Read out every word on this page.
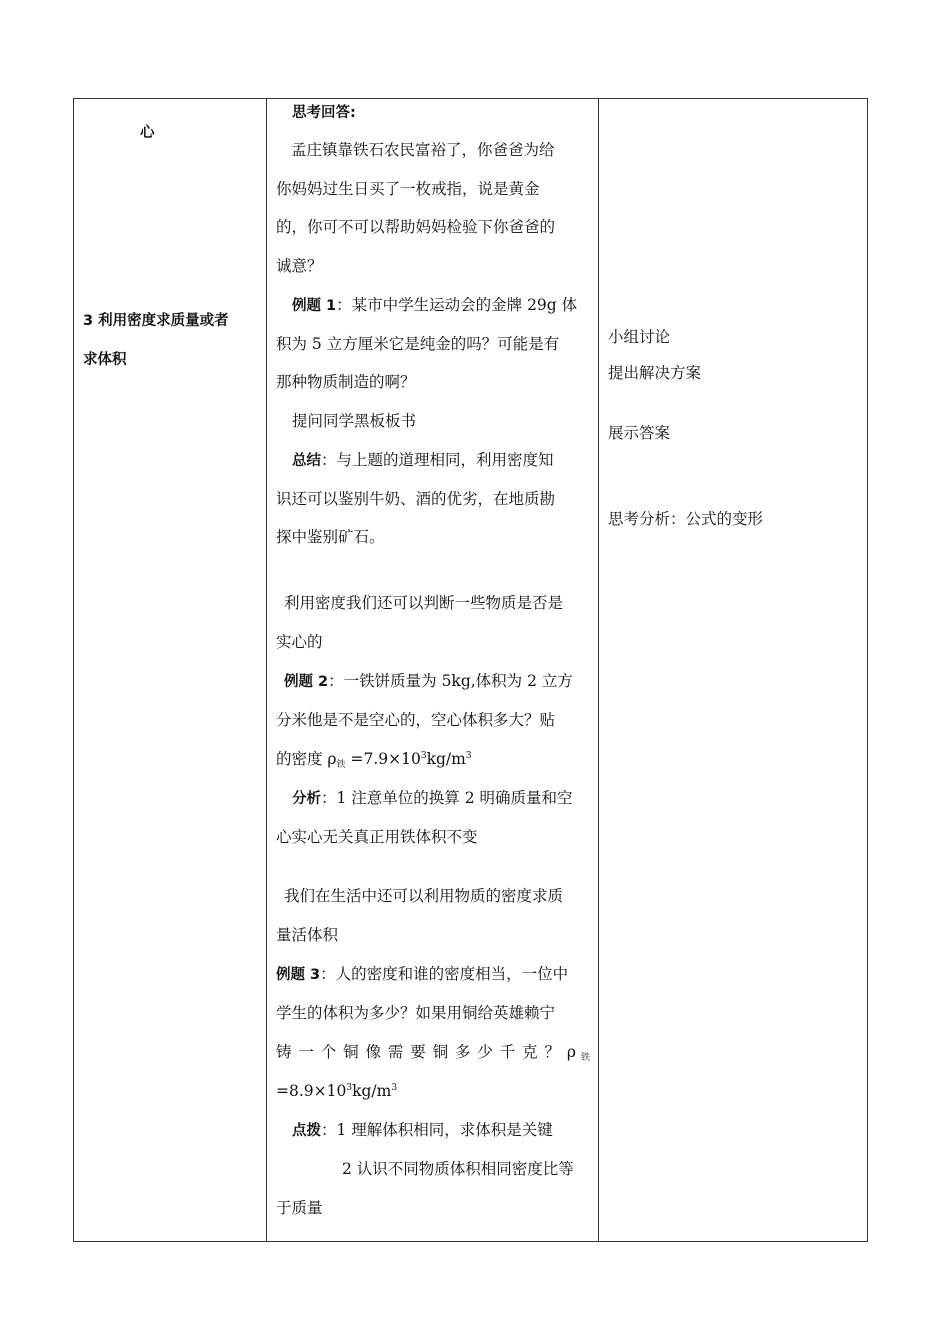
心
3 利用密度求质量或者
求体积
思考回答:
孟庄镇靠铁石农民富裕了，你爸爸为给
你妈妈过生日买了一枚戒指，说是黄金
的，你可不可以帮助妈妈检验下你爸爸的
诚意？
例题 1：某市中学生运动会的金牌 29g 体
积为 5 立方厘米它是纯金的吗？可能是有
那种物质制造的啊？
提问同学黑板板书
总结：与上题的道理相同，利用密度知
识还可以鉴别牛奶、酒的优劣，在地质勘
探中鉴别矿石。
利用密度我们还可以判断一些物质是否是
实心的
例题 2：一铁饼质量为 5kg,体积为 2 立方
分米他是不是空心的，空心体积多大？贴
的密度 ρ铁 $=7.9\times 10^3kg/m^3$
分析：1 注意单位的换算 2 明确质量和空
心实心无关真正用铁体积不变
我们在生活中还可以利用物质的密度求质
量活体积
例题 3：人的密度和谁的密度相当，一位中
学生的体积为多少？如果用铜给英雄赖宁
铸 一 个 铜 像 需 要 铜 多 少 千 克 ？ ρ 铁
$=8.9\times 10^3kg/m^3$
点拨：1 理解体积相同，求体积是关键
2 认识不同物质体积相同密度比等
于质量
小组讨论
提出解决方案
展示答案
思考分析：公式的变形
